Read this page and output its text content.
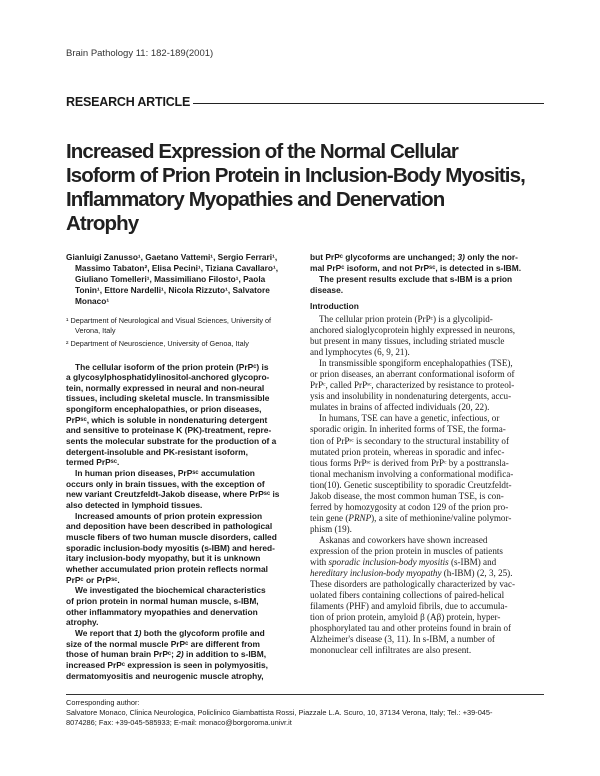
Brain Pathology 11: 182-189(2001)
RESEARCH ARTICLE
Increased Expression of the Normal Cellular
Isoform of Prion Protein in Inclusion-Body Myositis,
Inflammatory Myopathies and Denervation
Atrophy
Gianluigi Zanusso¹, Gaetano Vattemi¹, Sergio Ferrari¹,
Massimo Tabaton², Elisa Pecini¹, Tiziana Cavallaro¹,
Giuliano Tomelleri¹, Massimiliano Filosto¹, Paola
Tonin¹, Ettore Nardelli¹, Nicola Rizzuto¹, Salvatore
Monaco¹
¹ Department of Neurological and Visual Sciences, University of
Verona, Italy
² Department of Neuroscience, University of Genoa, Italy
The cellular isoform of the prion protein (PrPᶜ) is
a glycosylphosphatidylinositol-anchored glycopro-
tein, normally expressed in neural and non-neural
tissues, including skeletal muscle. In transmissible
spongiform encephalopathies, or prion diseases,
PrPˢᶜ, which is soluble in nondenaturing detergent
and sensitive to proteinase K (PK)-treatment, repre-
sents the molecular substrate for the production of a
detergent-insoluble and PK-resistant isoform,
termed PrPˢᶜ.
In human prion diseases, PrPˢᶜ accumulation
occurs only in brain tissues, with the exception of
new variant Creutzfeldt-Jakob disease, where PrPˢᶜ is
also detected in lymphoid tissues.
Increased amounts of prion protein expression
and deposition have been described in pathological
muscle fibers of two human muscle disorders, called
sporadic inclusion-body myositis (s-IBM) and hered-
itary inclusion-body myopathy, but it is unknown
whether accumulated prion protein reflects normal
PrPᶜ or PrPˢᶜ.
We investigated the biochemical characteristics
of prion protein in normal human muscle, s-IBM,
other inflammatory myopathies and denervation
atrophy.
We report that 1) both the glycoform profile and
size of the normal muscle PrPᶜ are different from
those of human brain PrPᶜ; 2) in addition to s-IBM,
increased PrPᶜ expression is seen in polymyositis,
dermatomyositis and neurogenic muscle atrophy,
but PrPᶜ glycoforms are unchanged; 3) only the nor-
mal PrPᶜ isoform, and not PrPˢᶜ, is detected in s-IBM.
The present results exclude that s-IBM is a prion
disease.
Introduction
The cellular prion protein (PrPᶜ) is a glycolipid-
anchored sialoglycoprotein highly expressed in neurons,
but present in many tissues, including striated muscle
and lymphocytes (6, 9, 21).
In transmissible spongiform encephalopathies (TSE),
or prion diseases, an aberrant conformational isoform of
PrPᶜ, called PrPˢᶜ, characterized by resistance to proteol-
ysis and insolubility in nondenaturing detergents, accu-
mulates in brains of affected individuals (20, 22).
In humans, TSE can have a genetic, infectious, or
sporadic origin. In inherited forms of TSE, the forma-
tion of PrPˢᶜ is secondary to the structural instability of
mutated prion protein, whereas in sporadic and infec-
tious forms PrPˢᶜ is derived from PrPᶜ by a posttransla-
tional mechanism involving a conformational modifica-
tion(10). Genetic susceptibility to sporadic Creutzfeldt-
Jakob disease, the most common human TSE, is con-
ferred by homozygosity at codon 129 of the prion pro-
tein gene (PRNP), a site of methionine/valine polymor-
phism (19).
Askanas and coworkers have shown increased
expression of the prion protein in muscles of patients
with sporadic inclusion-body myositis (s-IBM) and
hereditary inclusion-body myopathy (h-IBM) (2, 3, 25).
These disorders are pathologically characterized by vac-
uolated fibers containing collections of paired-helical
filaments (PHF) and amyloid fibrils, due to accumula-
tion of prion protein, amyloid β (Aβ) protein, hyper-
phosphorylated tau and other proteins found in brain of
Alzheimer's disease (3, 11). In s-IBM, a number of
mononuclear cell infiltrates are also present.
Corresponding author:
Salvatore Monaco, Clinica Neurologica, Policlinico Giambattista Rossi, Piazzale L.A. Scuro, 10, 37134 Verona, Italy; Tel.: +39-045-
8074286; Fax: +39-045-585933; E-mail: monaco@borgoroma.univr.it
